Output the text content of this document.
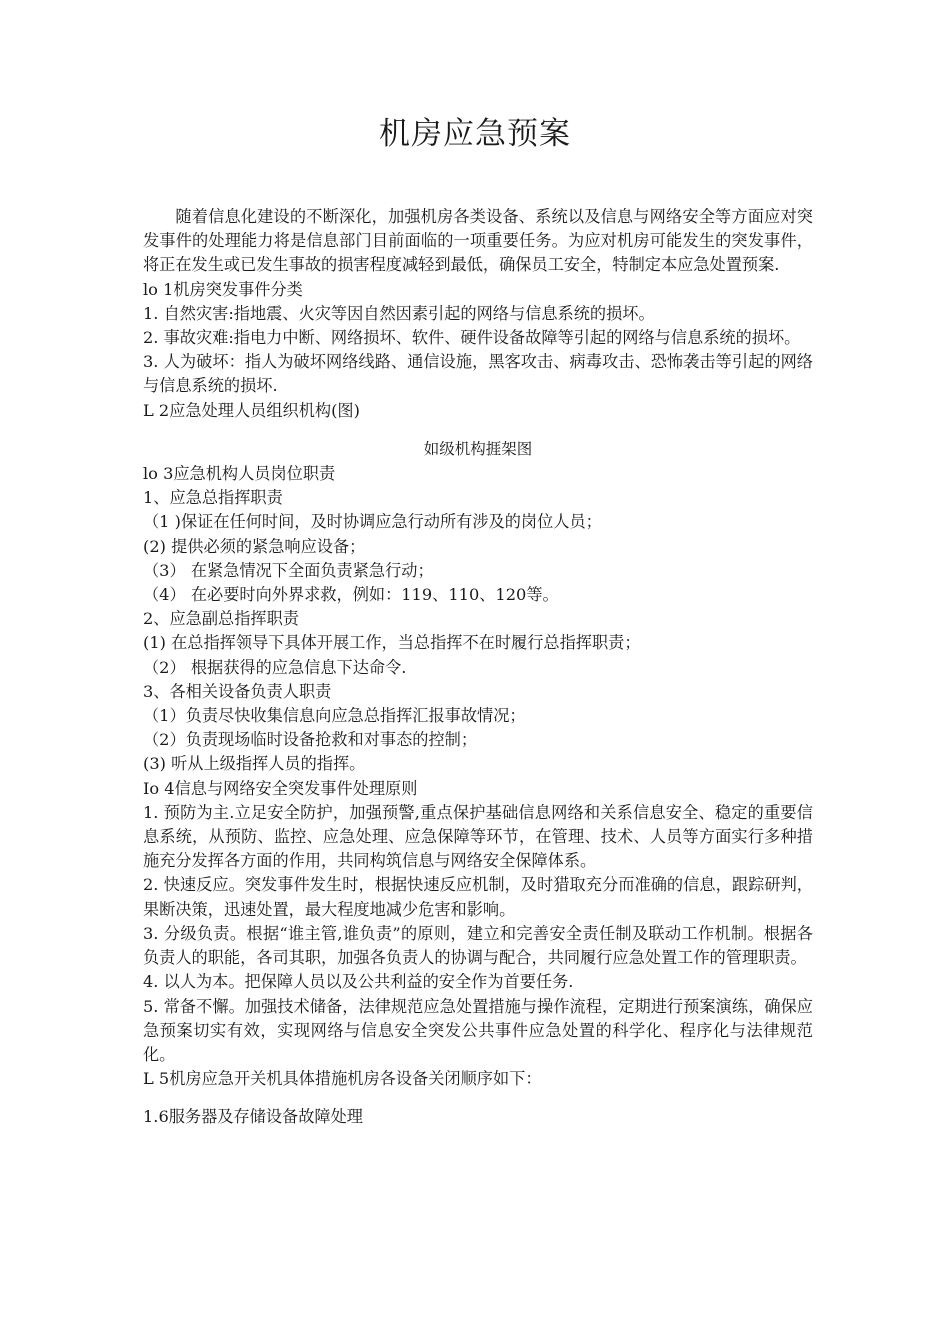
机房应急预案

随着信息化建设的不断深化，加强机房各类设备、系统以及信息与网络安全等方面应对突发事件的处理能力将是信息部门目前面临的一项重要任务。为应对机房可能发生的突发事件，将正在发生或已发生事故的损害程度减轻到最低，确保员工安全，特制定本应急处置预案.

lo 1机房突发事件分类

1. 自然灾害:指地震、火灾等因自然因素引起的网络与信息系统的损坏。

2. 事故灾难:指电力中断、网络损坏、软件、硬件设备故障等引起的网络与信息系统的损坏。

3. 人为破坏：指人为破坏网络线路、通信设施，黑客攻击、病毒攻击、恐怖袭击等引起的网络与信息系统的损坏.

L 2应急处理人员组织机构(图)

如级机构捱架图

lo 3应急机构人员岗位职责

1、应急总指挥职责

（1 )保证在任何时间，及时协调应急行动所有涉及的岗位人员；

(2) 提供必须的紧急响应设备；

（3） 在紧急情况下全面负责紧急行动；

（4） 在必要时向外界求救，例如：119、110、120等。

2、应急副总指挥职责

(1) 在总指挥领导下具体开展工作，当总指挥不在时履行总指挥职责；

（2） 根据获得的应急信息下达命令.

3、各相关设备负责人职责

（1）负责尽快收集信息向应急总指挥汇报事故情况；

（2）负责现场临时设备抢救和对事态的控制；

(3) 听从上级指挥人员的指挥。

Io 4信息与网络安全突发事件处理原则

1. 预防为主.立足安全防护，加强预警,重点保护基础信息网络和关系信息安全、稳定的重要信息系统，从预防、监控、应急处理、应急保障等环节，在管理、技术、人员等方面实行多种措施充分发挥各方面的作用，共同构筑信息与网络安全保障体系。

2. 快速反应。突发事件发生时，根据快速反应机制，及时猎取充分而准确的信息，跟踪研判，果断决策，迅速处置，最大程度地减少危害和影响。

3. 分级负责。根据“谁主管,谁负责”的原则，建立和完善安全责任制及联动工作机制。根据各负责人的职能，各司其职，加强各负责人的协调与配合，共同履行应急处置工作的管理职责。

4. 以人为本。把保障人员以及公共利益的安全作为首要任务.

5. 常备不懈。加强技术储备，法律规范应急处置措施与操作流程，定期进行预案演练，确保应急预案切实有效，实现网络与信息安全突发公共事件应急处置的科学化、程序化与法律规范化。

L 5机房应急开关机具体措施机房各设备关闭顺序如下：

1.6服务器及存储设备故障处理
